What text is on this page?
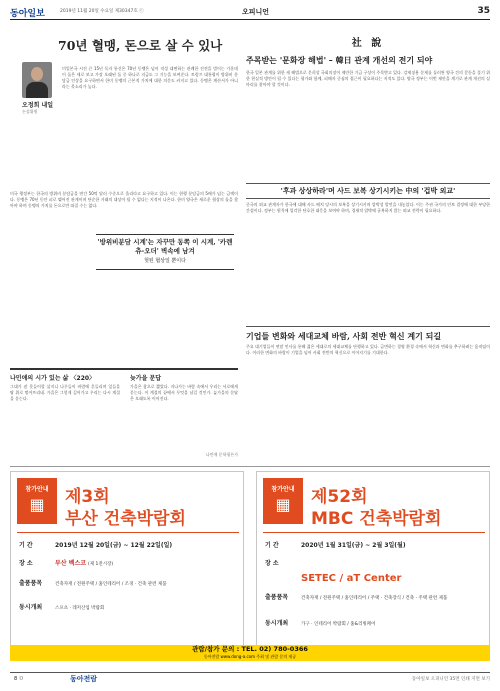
동아일보	2019년 11월 20일 수요일 제30347호 ⓒ	오피니언	35
70년 혈맹, 돈으로 살 수 있나
오정희 내일
논설위원
미일본국 시진 끈 15년 독자 통신은 70년 동맹은 넘어 적성 대면하는 관례한 진전을 벌이는 가운데 이 돌은 새로 보고 가장 오래된 돌 중 하나로 지금도 그 기능을 보여준다. 트럼프 대통령이 방위비 분담금 인상을 요구하면서 한미 동맹의 근본적 가치에 대한 의문도 커지고 있다. 동맹은 계산서가 아니라는 목소리가 높다.
미국 행정부는 한국의 방위비 분담금을 연간 50억 달러 수준으로 올리라고 요구하고 있다. 이는 현행 분담금의 5배가 넘는 금액이다. 동맹은 70년 동안 피로 맺어진 관계이며 단순한 거래의 대상이 될 수 없다는 지적이 나온다. 한미 양국은 새로운 협상의 틀을 찾아야 하며 동맹의 가치를 돈으로만 따질 수는 없다.
'방위비분담 시계'는 자꾸만 동쪽 이 시계, '카렌츄-오더' 벽속에 남겨
헛된 협상일 뿐이다
나민애의 시가 있는 삶 〈220〉	늦가을 문답
그대가 잠 못들어할 삽지니 나무들이 바람에 흔들리며 잎들을 땅 위로 떨어뜨리네. 가을은 그렇게 깊어가고 우리는 다시 계절을 묻는다.
가을은 참으로 짧았다. 지나가는 바람 속에서 우리는 서로에게 묻는다. 이 계절의 끝에서 무엇을 남길 것인가. 늦가을의 문답은 오래도록 이어진다.
나민애 문학평론가
社 說
주목받는 '문화장 해법' – 韓日 관계 개선의 전기 되야
한국 일본 관계를 위한 새 해법으로 문희상 국회의장이 제안한 기금 구상이 주목받고 있다. 강제징용 문제를 둘러싼 양국 간의 갈등을 풀기 위한 현실적 방안이 될 수 있다는 평가와 함께, 피해자 중심의 접근이 필요하다는 지적도 있다. 양국 정부는 이번 제안을 계기로 관계 개선의 실마리를 찾아야 할 것이다.
'후과 상상하라'며 사드 보복 상기시키는 中의 '겁박 외교'
중국의 외교 관계자가 한국에 대해 사드 배치 당시의 보복을 상기시키며 압박성 발언을 내놓았다. 이는 주권 국가의 안보 결정에 대한 부당한 간섭이다. 정부는 원칙에 입각한 단호한 대응을 보여야 하며, 경제적 압박에 굴복하지 않는 외교 전략이 필요하다.
기업들 변화와 세대교체 바람, 사회 전반 혁신 계기 되길
주요 대기업들이 연말 인사를 통해 젊은 세대로의 세대교체를 단행하고 있다. 급변하는 경영 환경 속에서 혁신과 변화를 추구하려는 움직임이다. 이러한 변화의 바람이 기업을 넘어 사회 전반의 혁신으로 이어지기를 기대한다.
참가안내
▦	제3회
부산 건축박람회
기 간	2019년 12월 20일(금) ~ 12월 22일(일)
장 소	부산 벡스코 (제 1전시장)
출품품목	건축자재 / 전원주택 / 홈인테리어 / 조경 · 건축 관련 제품
동시개최	스포츠 · 레저산업 박람회
참가안내
▦	제52회
MBC 건축박람회
기 간	2020년 1월 31일(금) ~ 2월 3일(월)
장 소
SETEC / aT Center
출품품목	건축자재 / 전원주택 / 홈인테리어 / 주택 · 건축장식 / 건축 · 주택 관련 제품
동시개최	가구 · 인테리어 박람회 / 홈&리빙페어
관람/참가 문의 : TEL. 02) 780-0366
동아전람 www.dong-a.com 주최 및 관람 문의 제공
8 ㅁ	동아전람	동아일보 오피니언 35면 인쇄 지면 보기
